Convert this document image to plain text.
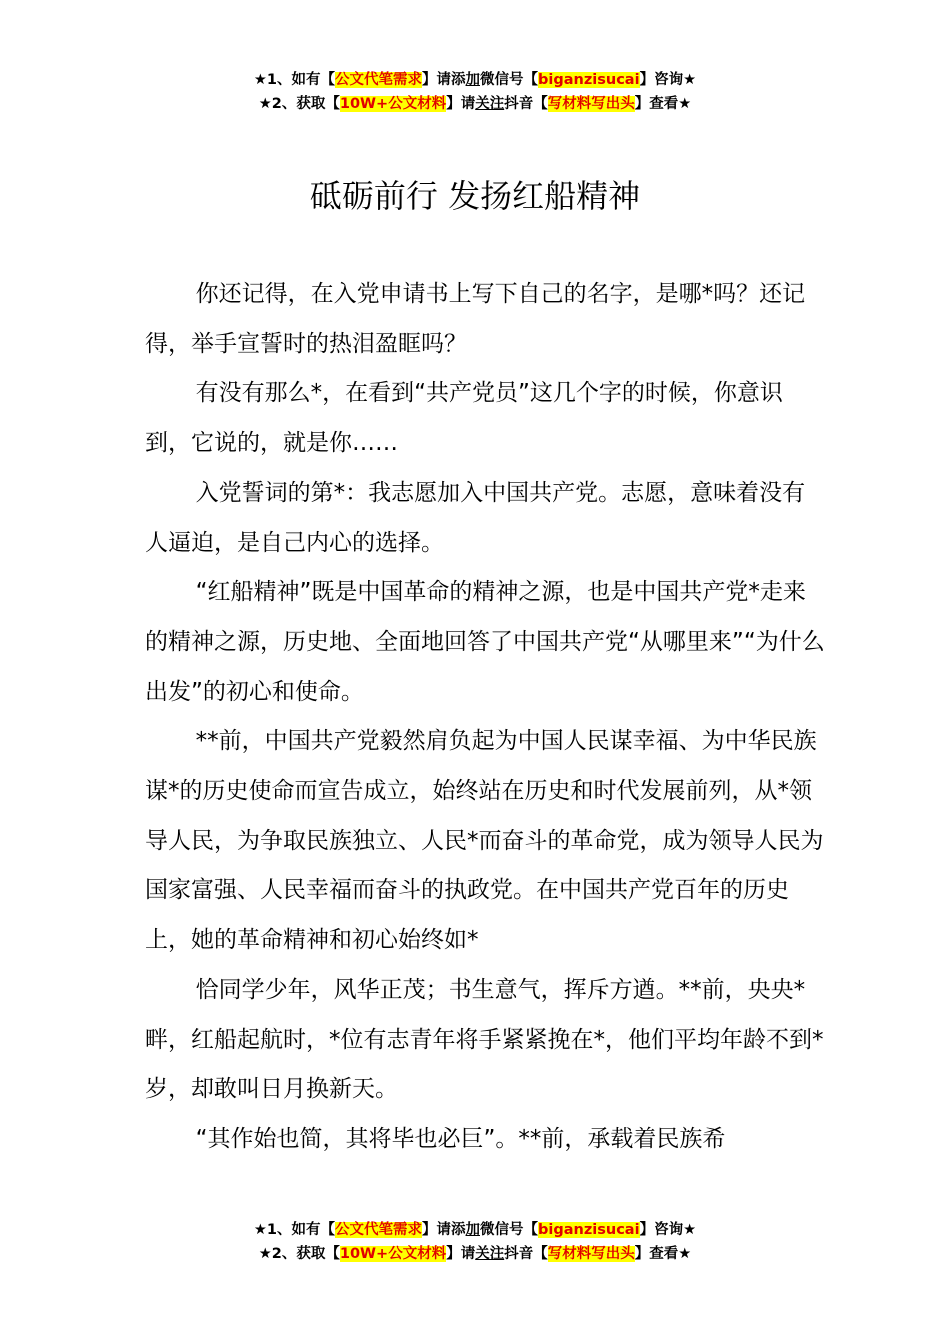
★1、如有【公文代笔需求】请添加微信号【biganzisucai】咨询★
★2、获取【10W+公文材料】请关注抖音【写材料写出头】查看★
砥砺前行 发扬红船精神

你还记得，在入党申请书上写下自己的名字，是哪*吗？还记得，举手宣誓时的热泪盈眶吗？

有没有那么*，在看到“共产党员”这几个字的时候，你意识到，它说的，就是你……

入党誓词的第*：我志愿加入中国共产党。志愿，意味着没有人逼迫，是自己内心的选择。

“红船精神”既是中国革命的精神之源，也是中国共产党*走来的精神之源，历史地、全面地回答了中国共产党“从哪里来”“为什么出发”的初心和使命。

**前，中国共产党毅然肩负起为中国人民谋幸福、为中华民族谋*的历史使命而宣告成立，始终站在历史和时代发展前列，从*领导人民，为争取民族独立、人民*而奋斗的革命党，成为领导人民为国家富强、人民幸福而奋斗的执政党。在中国共产党百年的历史上，她的革命精神和初心始终如*

恰同学少年，风华正茂；书生意气，挥斥方遒。**前，央央*畔，红船起航时，*位有志青年将手紧紧挽在*，他们平均年龄不到*岁，却敢叫日月换新天。

“其作始也简，其将毕也必巨”。**前，承载着民族希

★1、如有【公文代笔需求】请添加微信号【biganzisucai】咨询★
★2、获取【10W+公文材料】请关注抖音【写材料写出头】查看★
